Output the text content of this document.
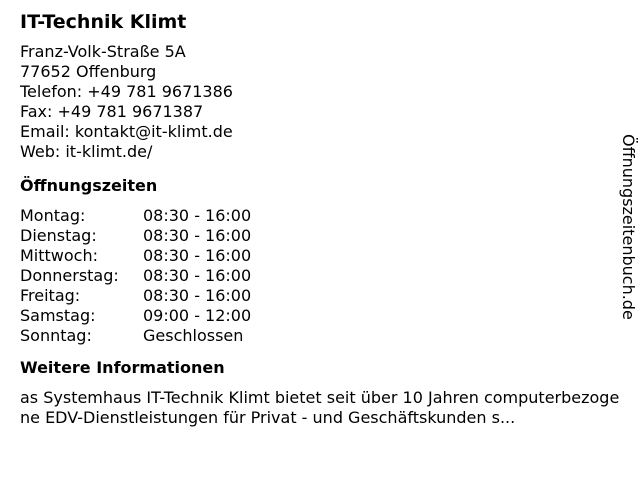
IT-Technik Klimt
Franz-Volk-Straße 5A
77652 Offenburg
Telefon: +49 781 9671386
Fax: +49 781 9671387
Email: kontakt@it-klimt.de
Web: it-klimt.de/
Öffnungszeiten
Montag:	08:30 - 16:00
Dienstag:	08:30 - 16:00
Mittwoch:	08:30 - 16:00
Donnerstag:	08:30 - 16:00
Freitag:	08:30 - 16:00
Samstag:	09:00 - 12:00
Sonntag:	Geschlossen
Weitere Informationen
as Systemhaus IT-Technik Klimt bietet seit über 10 Jahren computerbezogene EDV-Dienstleistungen für Privat - und Geschäftskunden s...
Öffnungszeitenbuch.de
